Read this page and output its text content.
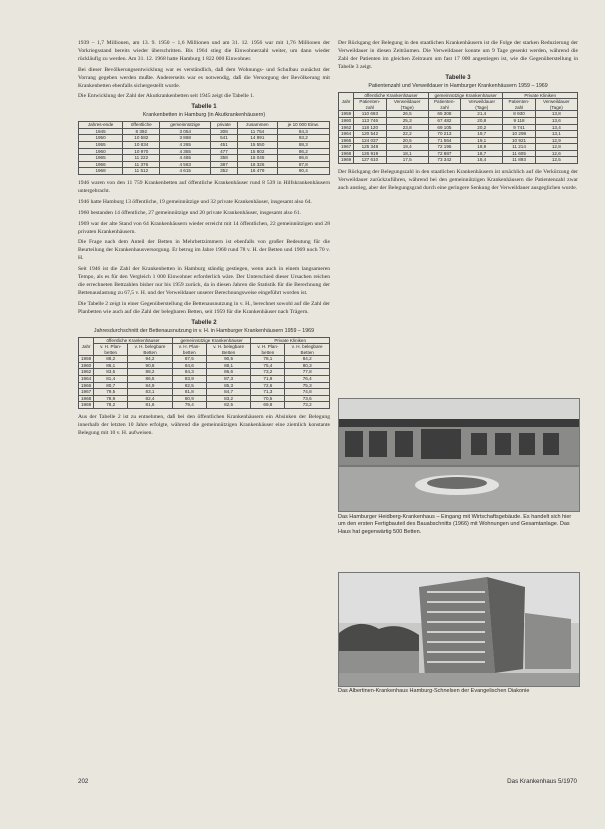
1939 – 1,7 Millionen, am 13. 9. 1950 – 1,6 Millionen und am 31. 12. 1956 war mit 1,76 Millionen der Vorkriegsstand bereits wieder überschritten. Bis 1964 stieg die Einwohnerzahl weiter, um dann wieder rückläufig zu werden. Am 31. 12. 1968 hatte Hamburg 1 822 000 Einwohner.

Bei dieser Bevölkerungsentwicklung war es verständlich, daß dem Wohnungs- und Schulbau zunächst der Vorrang gegeben werden mußte. Andererseits war es notwendig, daß die Versorgung der Bevölkerung mit Krankenbetten ebenfalls sichergestellt wurde.

Die Entwicklung der Zahl der Akutkrankenbetten seit 1945 zeigt die Tabelle 1.

Tabelle 1
Krankenbetten in Hamburg (in Akutkrankenhäusern)
Jahres-ende	öffentliche	gemeinnützige	private	zusammen	je 10 000 Einw.
1945	8 392	3 054	308	11 754	84,3
1950	10 582	3 868	541	14 991	93,2
1955	10 834	4 265	451	15 550	88,3
1960	10 970	4 355	477	15 802	86,2
1965	11 222	4 465	358	16 045	86,6
1966	11 376	4 563	387	16 326	87,8
1968	11 512	4 615	352	16 479	90,4

1946 waren von den 11 759 Krankenbetten auf öffentliche Krankenhäuser rund 8 539 in Hilfskrankenhäusern untergebracht.

1946 hatte Hamburg 13 öffentliche, 19 gemeinnützige und 32 private Krankenhäuser, insgesamt also 64.

1960 bestanden 14 öffentliche, 27 gemeinnützige und 20 private Krankenhäuser, insgesamt also 61.

1969 war der alte Stand von 64 Krankenhäusern wieder erreicht mit 14 öffentlichen, 22 gemeinnützigen und 28 privaten Krankenhäusern.

Die Frage nach dem Anteil der Betten in Mehrbettzimmern ist ebenfalls von großer Bedeutung für die Beurteilung der Krankenhausversorgung. Er betrug im Jahre 1960 rund 78 v. H. der Betten und 1969 noch 70 v. H.

Seit 1946 ist die Zahl der Krankenbetten in Hamburg ständig gestiegen, wenn auch in einem langsameren Tempo, als es für den Vergleich 1 000 Einwohner erforderlich wäre. Der Unterschied dieser Ursachen reichen die errechneten Bettzahlen bisher nur bis 1959 zurück, da in diesen Jahren die Statistik für die Berechnung der Bettenauslastung zu 67,5 v. H. und der Verweildauer unserer Berechnungsweise eingeführt worden ist.

Die Tabelle 2 zeigt in einer Gegenüberstellung die Bettenausnutzung in v. H., berechnet sowohl auf die Zahl der Planbetten wie auch auf die Zahl der belegbaren Betten, seit 1959 für die Krankenhäuser nach Trägern.

Tabelle 2
Jahresdurchschnitt der Bettenausnutzung in v. H. in Hamburger Krankenhäusern 1959 – 1969
Jahr	öffentliche Krankenhäuser		gemeinnützige Krankenhäuser		Private Kliniken	
	v. H. Plan-betten	v. H. belegbare Betten	v. H. Plan-betten	v. H. belegbare Betten	v. H. Plan-betten	v. H. belegbare Betten
1959	88,2	94,2	87,5	90,5	78,1	84,2
1960	86,1	90,8	84,6	88,1	75,4	80,3
1962	83,5	88,2	84,3	86,6	73,2	77,8
1964	81,4	86,5	83,9	87,3	71,9	76,4
1966	80,7	84,9	82,5	85,3	72,6	75,3
1967	79,5	83,1	81,8	84,7	71,3	74,8
1968	78,9	82,4	80,9	83,2	70,5	73,6
1969	78,2	81,6	79,4	82,5	69,8	73,2

Aus der Tabelle 2 ist zu entnehmen, daß bei den öffentlichen Krankenhäusern ein Absinken der Belegung innerhalb der letzten 10 Jahre erfolgte, während die gemeinnützigen Krankenhäuser eine ziemlich konstante Belegung mit 10 v. H. aufweisen.

Der Rückgang der Belegung in den staatlichen Krankenhäusern ist die Folge der starken Reduzierung der Verweildauer in diesen Zeiträumen. Die Verweildauer konnte um 9 Tage gesenkt werden, während die Zahl der Patienten im gleichen Zeitraum um fast 17 000 angestiegen ist, wie die Gegenüberstellung in Tabelle 3 zeigt.

Tabelle 3
Patientenzahl und Verweildauer in Hamburger Krankenhäusern 1959 – 1969
Jahr	öffentliche Krankenhäuser		gemeinnützige Krankenhäuser		Private Kliniken	
	Patienten-zahl	Verweildauer (Tage)	Patienten-zahl	Verweildauer (Tage)	Patienten-zahl	Verweildauer (Tage)
1959	110 693	26,5	65 308	21,4	8 930	13,8
1960	113 746	25,3	67 482	20,8	9 118	13,6
1962	118 120	23,8	69 105	20,2	9 741	13,4
1964	120 542	22,2	70 213	19,7	10 298	13,1
1966	124 037	20,5	71 564	19,1	10 921	12,9
1967	125 348	19,4	72 195	18,9	11 214	12,8
1968	126 919	18,1	72 887	18,7	11 605	12,6
1969	127 610	17,5	73 342	18,4	11 893	12,5

Der Rückgang der Belegungszahl in den staatlichen Krankenhäusern ist ursächlich auf die Verkürzung der Verweildauer zurückzuführen, während bei den gemeinnützigen Krankenhäusern die Patientenzahl zwar auch anstieg, aber der Belegungsgrad durch eine geringere Senkung der Verweildauer ausgeglichen wurde.

Das Hamburger Heidberg-Krankenhaus – Eingang mit Wirtschaftsgebäude. Es handelt sich hier um den ersten Fertigbauteil des Bauabschnitts (1966) mit Wohnungen und Gesamtanlage. Das Haus hat gegenwärtig 500 Betten.
Das Albertinen-Krankenhaus Hamburg-Schnelsen der Evangelischen Diakonie
202	Das Krankenhaus 5/1970
